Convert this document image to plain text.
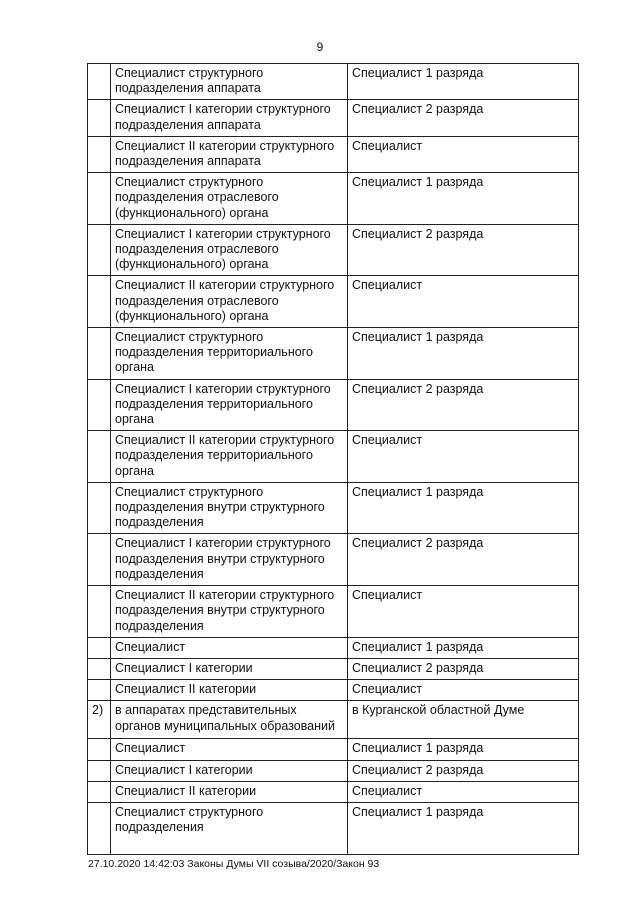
9
	Специалист структурного подразделения аппарата	Специалист 1 разряда
	Специалист I категории структурного подразделения аппарата	Специалист 2 разряда
	Специалист II категории структурного подразделения аппарата	Специалист
	Специалист структурного подразделения отраслевого (функционального) органа	Специалист 1 разряда
	Специалист I категории структурного подразделения отраслевого (функционального) органа	Специалист 2 разряда
	Специалист II категории структурного подразделения отраслевого (функционального) органа	Специалист
	Специалист структурного подразделения территориального органа	Специалист 1 разряда
	Специалист I категории структурного подразделения территориального органа	Специалист 2 разряда
	Специалист II категории структурного подразделения территориального органа	Специалист
	Специалист структурного подразделения внутри структурного подразделения	Специалист 1 разряда
	Специалист I категории структурного подразделения внутри структурного подразделения	Специалист 2 разряда
	Специалист II категории структурного подразделения внутри структурного подразделения	Специалист
	Специалист	Специалист 1 разряда
	Специалист I категории	Специалист 2 разряда
	Специалист II категории	Специалист
2)	в аппаратах представительных органов муниципальных образований	в Курганской областной Думе
	Специалист	Специалист 1 разряда
	Специалист I категории	Специалист 2 разряда
	Специалист II категории	Специалист
	Специалист структурного подразделения	Специалист 1 разряда
27.10.2020 14:42:03 Законы Думы VII созыва/2020/Закон 93
